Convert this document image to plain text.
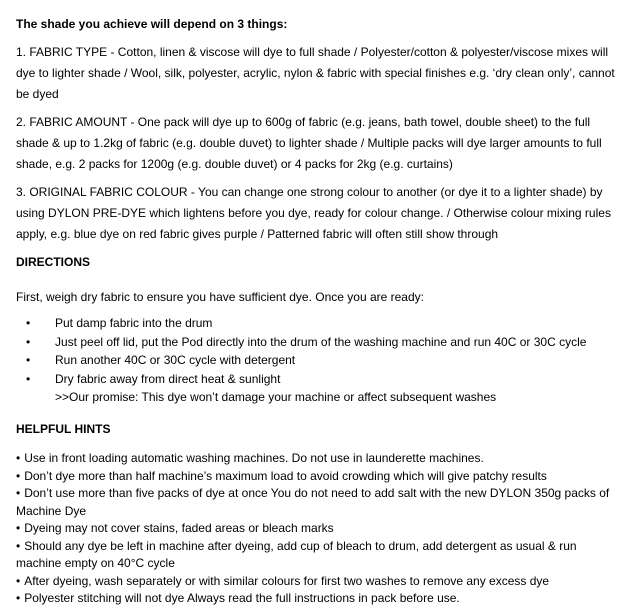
The shade you achieve will depend on 3 things:

1. FABRIC TYPE - Cotton, linen & viscose will dye to full shade / Polyester/cotton & polyester/viscose mixes will dye to lighter shade / Wool, silk, polyester, acrylic, nylon & fabric with special finishes e.g. ‘dry clean only’, cannot be dyed

2. FABRIC AMOUNT - One pack will dye up to 600g of fabric (e.g. jeans, bath towel, double sheet) to the full shade & up to 1.2kg of fabric (e.g. double duvet) to lighter shade / Multiple packs will dye larger amounts to full shade, e.g. 2 packs for 1200g (e.g. double duvet) or 4 packs for 2kg (e.g. curtains)

3. ORIGINAL FABRIC COLOUR - You can change one strong colour to another (or dye it to a lighter shade) by using DYLON PRE-DYE which lightens before you dye, ready for colour change. / Otherwise colour mixing rules apply, e.g. blue dye on red fabric gives purple / Patterned fabric will often still show through

DIRECTIONS

First, weigh dry fabric to ensure you have sufficient dye. Once you are ready:

•	Put damp fabric into the drum
•	Just peel off lid, put the Pod directly into the drum of the washing machine and run 40C or 30C cycle
•	Run another 40C or 30C cycle with detergent
•	Dry fabric away from direct heat & sunlight

>>Our promise: This dye won’t damage your machine or affect subsequent washes

HELPFUL HINTS

• Use in front loading automatic washing machines. Do not use in launderette machines.

• Don’t dye more than half machine’s maximum load to avoid crowding which will give patchy results

• Don’t use more than five packs of dye at once You do not need to add salt with the new DYLON 350g packs of Machine Dye

• Dyeing may not cover stains, faded areas or bleach marks

• Should any dye be left in machine after dyeing, add cup of bleach to drum, add detergent as usual & run machine empty on 40°C cycle

• After dyeing, wash separately or with similar colours for first two washes to remove any excess dye

• Polyester stitching will not dye Always read the full instructions in pack before use.
